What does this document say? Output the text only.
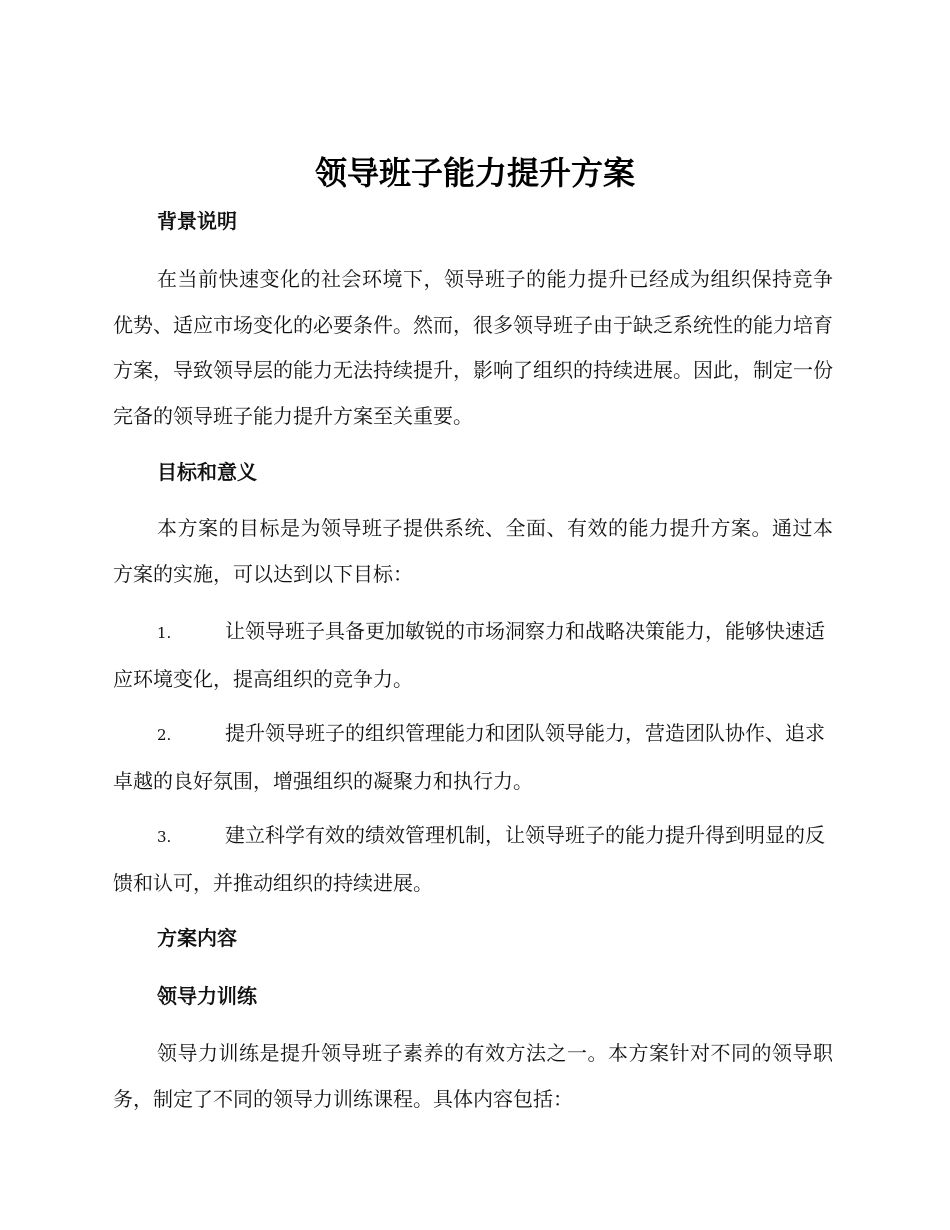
领导班子能力提升方案
背景说明

在当前快速变化的社会环境下，领导班子的能力提升已经成为组织保持竞争优势、适应市场变化的必要条件。然而，很多领导班子由于缺乏系统性的能力培育方案，导致领导层的能力无法持续提升，影响了组织的持续进展。因此，制定一份完备的领导班子能力提升方案至关重要。

目标和意义

本方案的目标是为领导班子提供系统、全面、有效的能力提升方案。通过本方案的实施，可以达到以下目标：

1.	让领导班子具备更加敏锐的市场洞察力和战略决策能力，能够快速适应环境变化，提高组织的竞争力。
2.	提升领导班子的组织管理能力和团队领导能力，营造团队协作、追求卓越的良好氛围，增强组织的凝聚力和执行力。
3.	建立科学有效的绩效管理机制，让领导班子的能力提升得到明显的反馈和认可，并推动组织的持续进展。
方案内容
领导力训练

领导力训练是提升领导班子素养的有效方法之一。本方案针对不同的领导职务，制定了不同的领导力训练课程。具体内容包括：
